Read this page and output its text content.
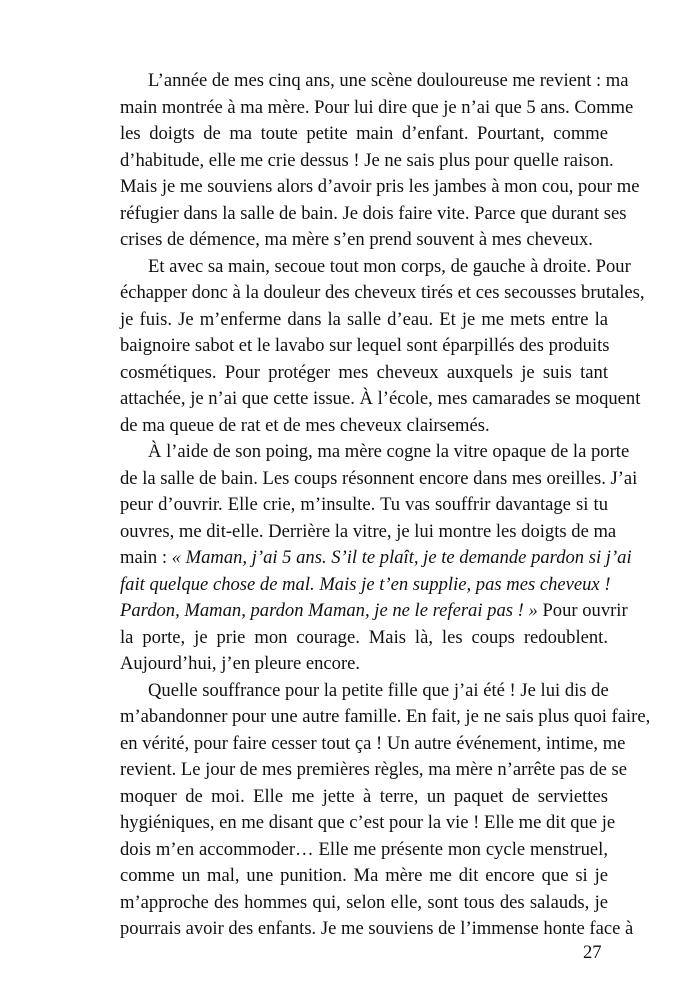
L’année de mes cinq ans, une scène douloureuse me revient : ma
main montrée à ma mère. Pour lui dire que je n’ai que 5 ans. Comme
les doigts de ma toute petite main d’enfant. Pourtant, comme
d’habitude, elle me crie dessus ! Je ne sais plus pour quelle raison.
Mais je me souviens alors d’avoir pris les jambes à mon cou, pour me
réfugier dans la salle de bain. Je dois faire vite. Parce que durant ses
crises de démence, ma mère s’en prend souvent à mes cheveux.
Et avec sa main, secoue tout mon corps, de gauche à droite. Pour
échapper donc à la douleur des cheveux tirés et ces secousses brutales,
je fuis. Je m’enferme dans la salle d’eau. Et je me mets entre la
baignoire sabot et le lavabo sur lequel sont éparpillés des produits
cosmétiques. Pour protéger mes cheveux auxquels je suis tant
attachée, je n’ai que cette issue. À l’école, mes camarades se moquent
de ma queue de rat et de mes cheveux clairsemés.
À l’aide de son poing, ma mère cogne la vitre opaque de la porte
de la salle de bain. Les coups résonnent encore dans mes oreilles. J’ai
peur d’ouvrir. Elle crie, m’insulte. Tu vas souffrir davantage si tu
ouvres, me dit-elle. Derrière la vitre, je lui montre les doigts de ma
main : « Maman, j’ai 5 ans. S’il te plaît, je te demande pardon si j’ai
fait quelque chose de mal. Mais je t’en supplie, pas mes cheveux !
Pardon, Maman, pardon Maman, je ne le referai pas ! » Pour ouvrir
la porte, je prie mon courage. Mais là, les coups redoublent.
Aujourd’hui, j’en pleure encore.
Quelle souffrance pour la petite fille que j’ai été ! Je lui dis de
m’abandonner pour une autre famille. En fait, je ne sais plus quoi faire,
en vérité, pour faire cesser tout ça ! Un autre événement, intime, me
revient. Le jour de mes premières règles, ma mère n’arrête pas de se
moquer de moi. Elle me jette à terre, un paquet de serviettes
hygiéniques, en me disant que c’est pour la vie ! Elle me dit que je
dois m’en accommoder… Elle me présente mon cycle menstruel,
comme un mal, une punition. Ma mère me dit encore que si je
m’approche des hommes qui, selon elle, sont tous des salauds, je
pourrais avoir des enfants. Je me souviens de l’immense honte face à
27
